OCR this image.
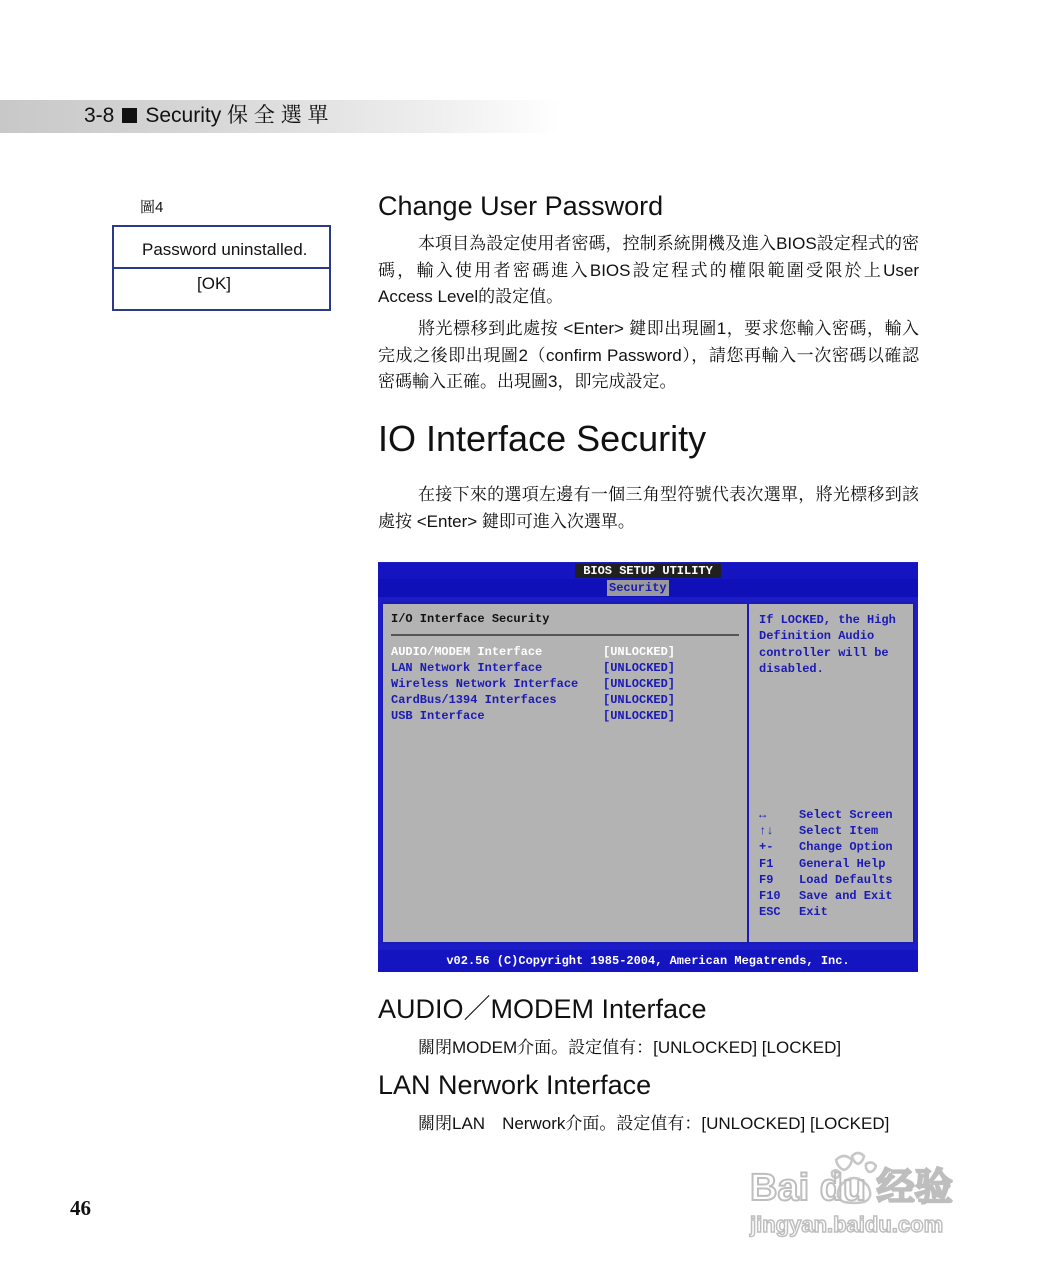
3-8 Security 保 全 選 單
圖4
Password uninstalled.
[OK]
Change User Password
本項目為設定使用者密碼，控制系統開機及進入BIOS設定程式的密碼，輸入使用者密碼進入BIOS設定程式的權限範圍受限於上User Access Level的設定值。
將光標移到此處按 <Enter> 鍵即出現圖1，要求您輸入密碼，輸入完成之後即出現圖2（confirm Password），請您再輸入一次密碼以確認密碼輸入正確。出現圖3，即完成設定。
IO Interface Security
在接下來的選項左邊有一個三角型符號代表次選單，將光標移到該處按 <Enter> 鍵即可進入次選單。
BIOS SETUP UTILITY
Security
I/O Interface Security
AUDIO/MODEM Interface	[UNLOCKED]
LAN Network Interface	[UNLOCKED]
Wireless Network Interface [UNLOCKED]
CardBus/1394 Interfaces	[UNLOCKED]
USB Interface	[UNLOCKED]
If LOCKED, the High Definition Audio controller will be disabled.
↔	Select Screen
↑↓ Select Item
+- Change Option
F1 General Help
F9 Load Defaults
F10 Save and Exit
ESC Exit
v02.56 (C)Copyright 1985-2004, American Megatrends, Inc.
AUDIO／MODEM Interface
關閉MODEM介面。設定值有：[UNLOCKED] [LOCKED]
LAN Nerwork Interface
關閉LAN　Nerwork介面。設定值有：[UNLOCKED] [LOCKED]
46	Bai du 经验
jingyan.baidu.com
